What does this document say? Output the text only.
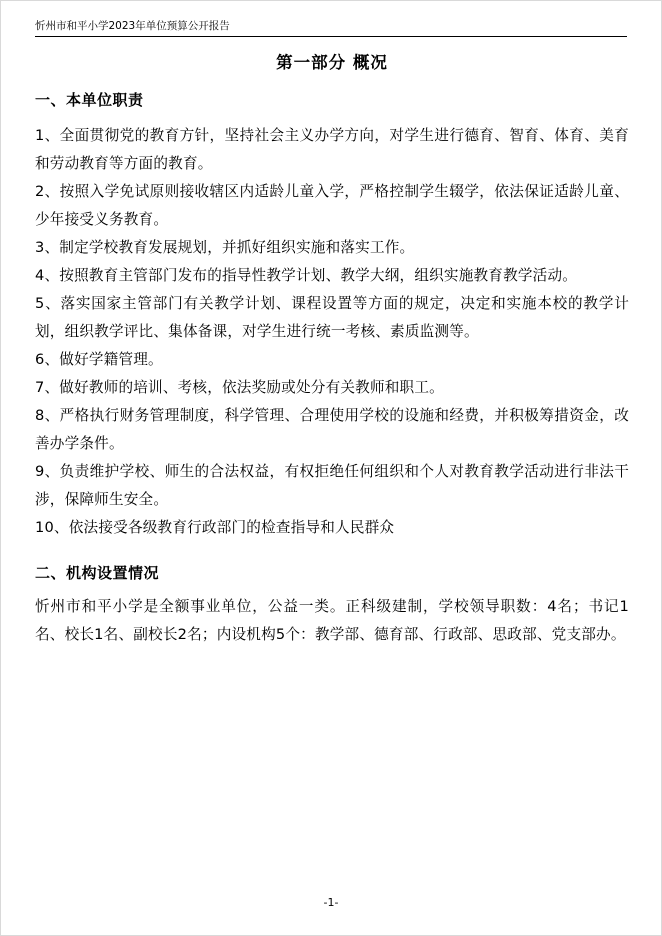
忻州市和平小学2023年单位预算公开报告
第一部分 概况
一、本单位职责

1、全面贯彻党的教育方针，坚持社会主义办学方向，对学生进行德育、智育、体育、美育和劳动教育等方面的教育。

2、按照入学免试原则接收辖区内适龄儿童入学，严格控制学生辍学，依法保证适龄儿童、少年接受义务教育。

3、制定学校教育发展规划，并抓好组织实施和落实工作。

4、按照教育主管部门发布的指导性教学计划、教学大纲，组织实施教育教学活动。

5、落实国家主管部门有关教学计划、课程设置等方面的规定，决定和实施本校的教学计划，组织教学评比、集体备课，对学生进行统一考核、素质监测等。

6、做好学籍管理。

7、做好教师的培训、考核，依法奖励或处分有关教师和职工。

8、严格执行财务管理制度，科学管理、合理使用学校的设施和经费，并积极筹措资金，改善办学条件。

9、负责维护学校、师生的合法权益，有权拒绝任何组织和个人对教育教学活动进行非法干涉，保障师生安全。

10、依法接受各级教育行政部门的检查指导和人民群众

二、机构设置情况

忻州市和平小学是全额事业单位，公益一类。正科级建制，学校领导职数：4名；书记1名、校长1名、副校长2名；内设机构5个：教学部、德育部、行政部、思政部、党支部办。

-1-
